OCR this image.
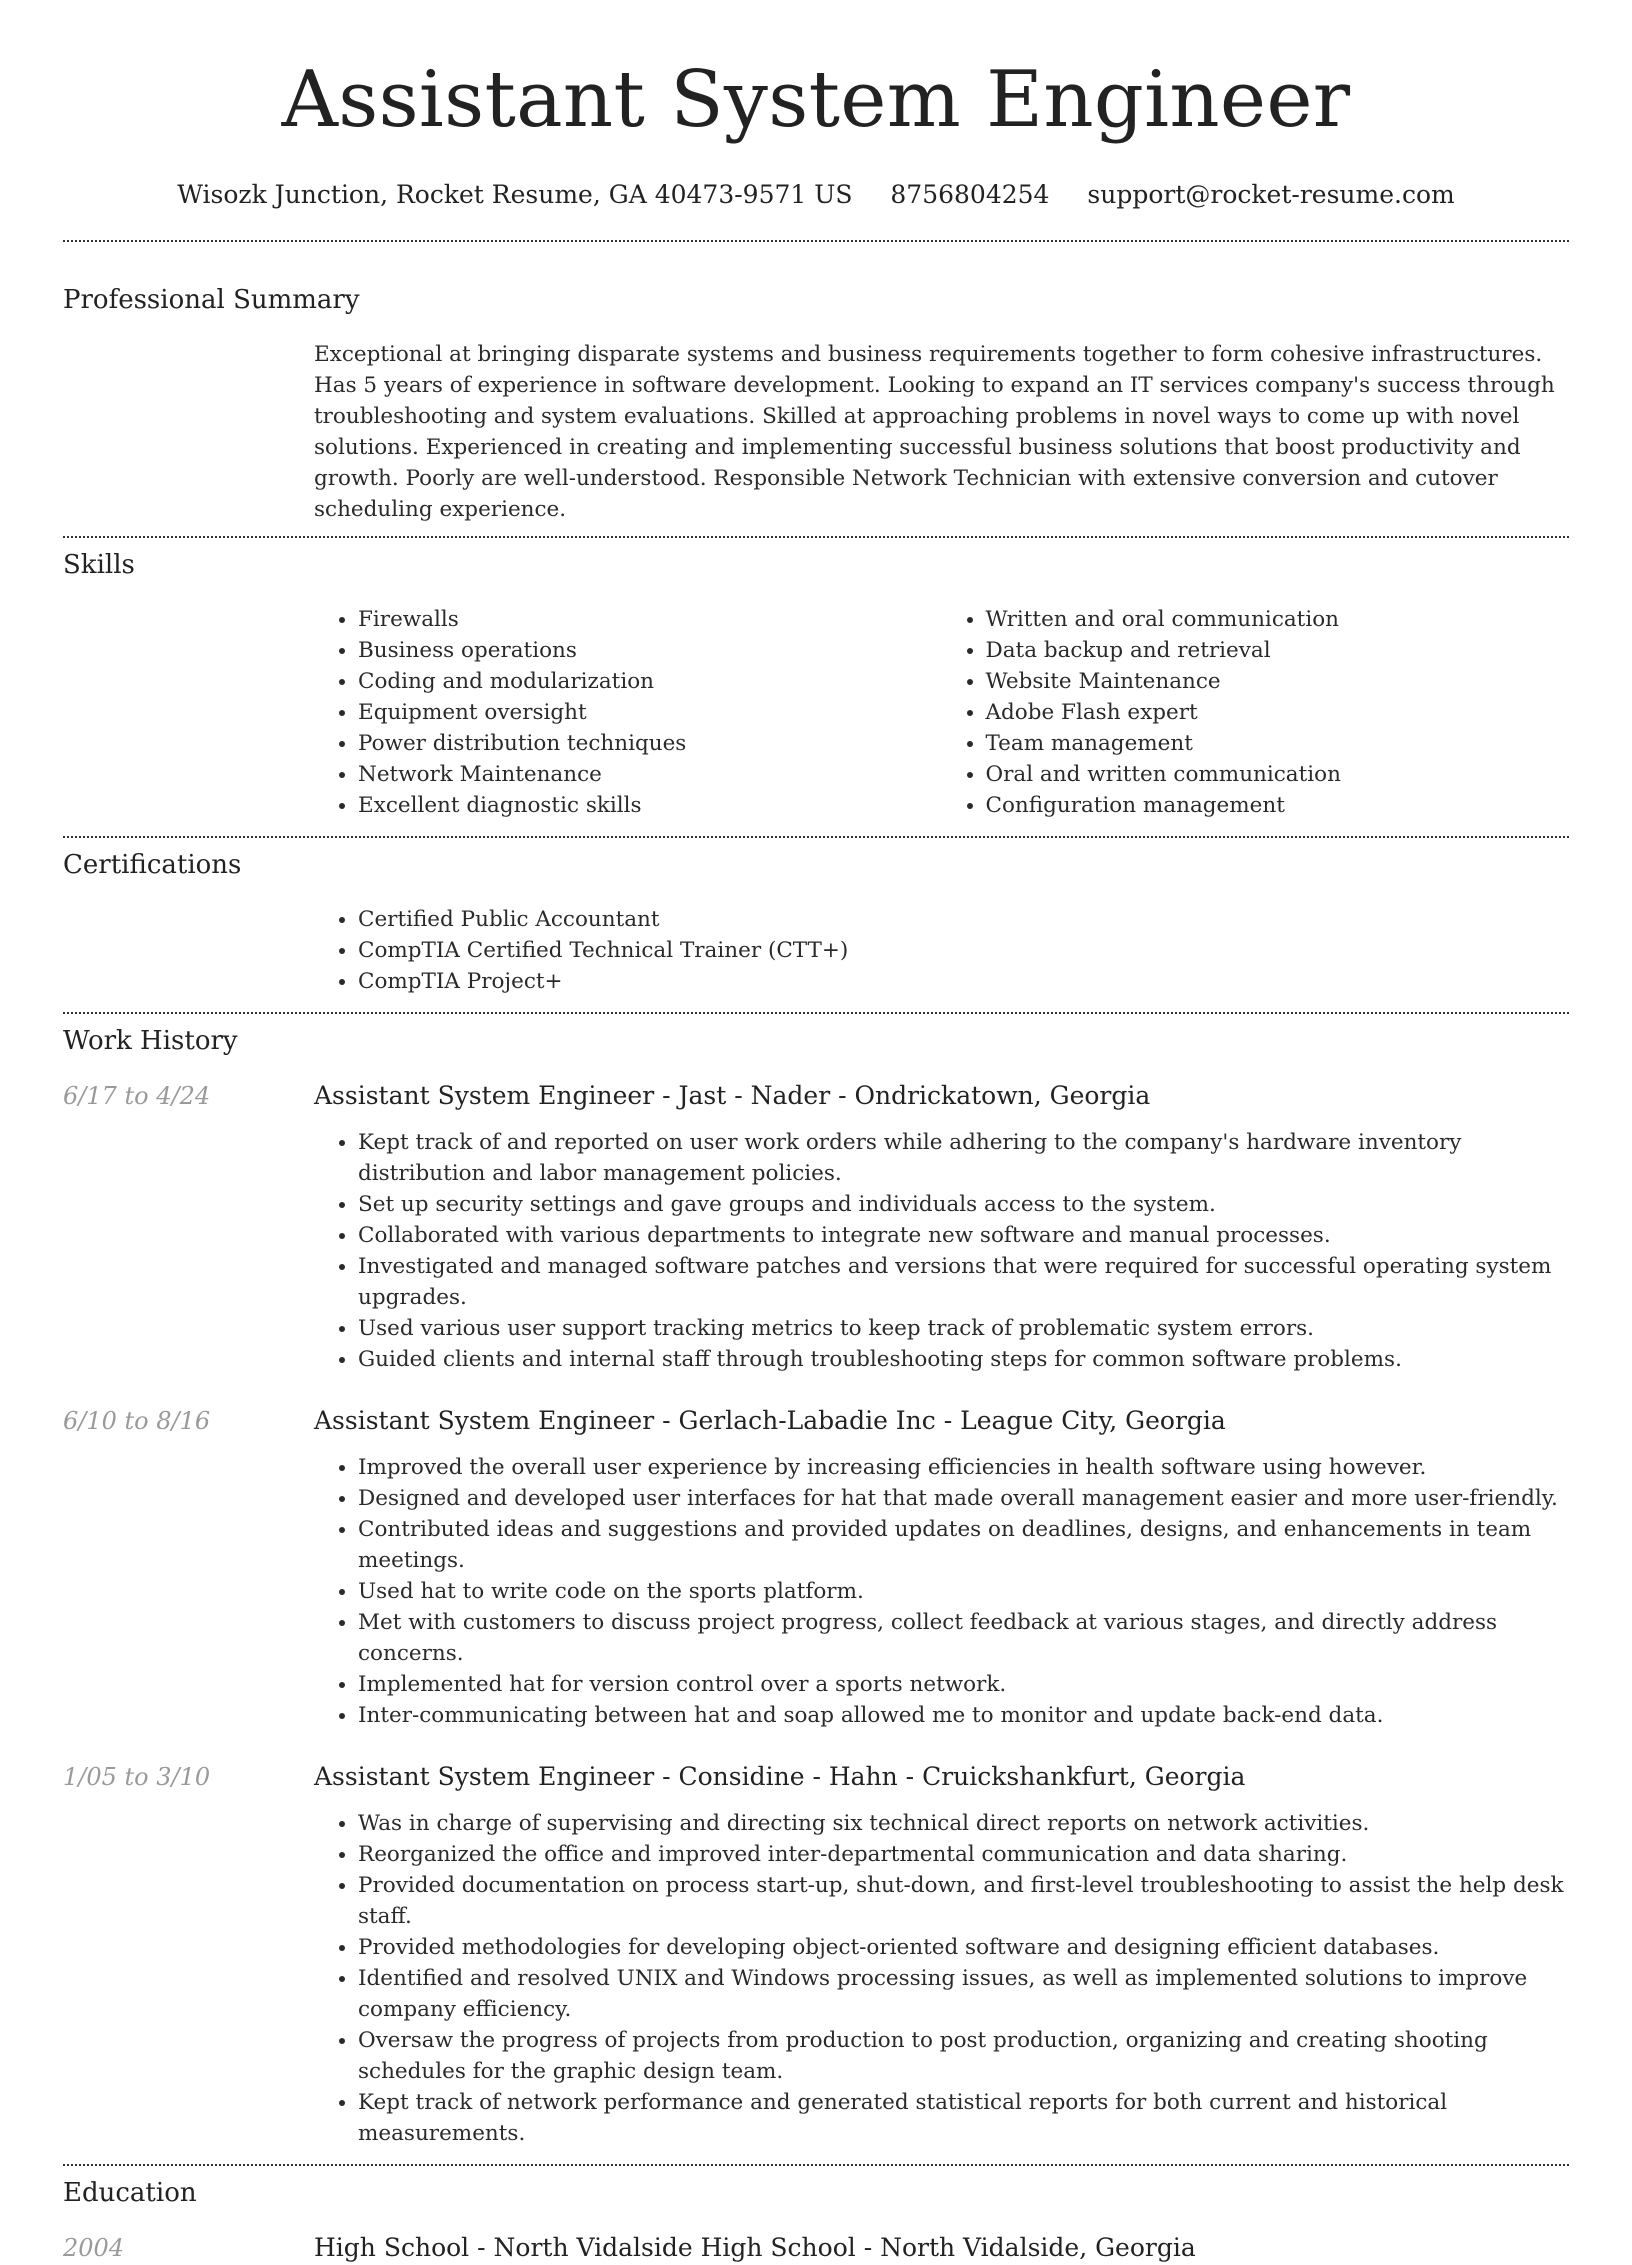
Assistant System Engineer
Wisozk Junction, Rocket Resume, GA 40473-9571 US 8756804254 support@rocket-resume.com
Professional Summary

Exceptional at bringing disparate systems and business requirements together to form cohesive infrastructures. Has 5 years of experience in software development. Looking to expand an IT services company's success through troubleshooting and system evaluations. Skilled at approaching problems in novel ways to come up with novel solutions. Experienced in creating and implementing successful business solutions that boost productivity and growth. Poorly are well-understood. Responsible Network Technician with extensive conversion and cutover scheduling experience.

Skills
• Firewalls
• Business operations
• Coding and modularization
• Equipment oversight
• Power distribution techniques
• Network Maintenance
• Excellent diagnostic skills
• Written and oral communication
• Data backup and retrieval
• Website Maintenance
• Adobe Flash expert
• Team management
• Oral and written communication
• Configuration management
Certifications
• Certified Public Accountant
• CompTIA Certified Technical Trainer (CTT+)
• CompTIA Project+
Work History
6/17 to 4/24	Assistant System Engineer - Jast - Nader - Ondrickatown, Georgia
• Kept track of and reported on user work orders while adhering to the company's hardware inventory distribution and labor management policies.
• Set up security settings and gave groups and individuals access to the system.
• Collaborated with various departments to integrate new software and manual processes.
• Investigated and managed software patches and versions that were required for successful operating system upgrades.
• Used various user support tracking metrics to keep track of problematic system errors.
• Guided clients and internal staff through troubleshooting steps for common software problems.
6/10 to 8/16	Assistant System Engineer - Gerlach-Labadie Inc - League City, Georgia
• Improved the overall user experience by increasing efficiencies in health software using however.
• Designed and developed user interfaces for hat that made overall management easier and more user-friendly.
• Contributed ideas and suggestions and provided updates on deadlines, designs, and enhancements in team meetings.
• Used hat to write code on the sports platform.
• Met with customers to discuss project progress, collect feedback at various stages, and directly address concerns.
• Implemented hat for version control over a sports network.
• Inter-communicating between hat and soap allowed me to monitor and update back-end data.
1/05 to 3/10	Assistant System Engineer - Considine - Hahn - Cruickshankfurt, Georgia
• Was in charge of supervising and directing six technical direct reports on network activities.
• Reorganized the office and improved inter-departmental communication and data sharing.
• Provided documentation on process start-up, shut-down, and first-level troubleshooting to assist the help desk staff.
• Provided methodologies for developing object-oriented software and designing efficient databases.
• Identified and resolved UNIX and Windows processing issues, as well as implemented solutions to improve company efficiency.
• Oversaw the progress of projects from production to post production, organizing and creating shooting schedules for the graphic design team.
• Kept track of network performance and generated statistical reports for both current and historical measurements.
Education
2004	High School - North Vidalside High School - North Vidalside, Georgia
